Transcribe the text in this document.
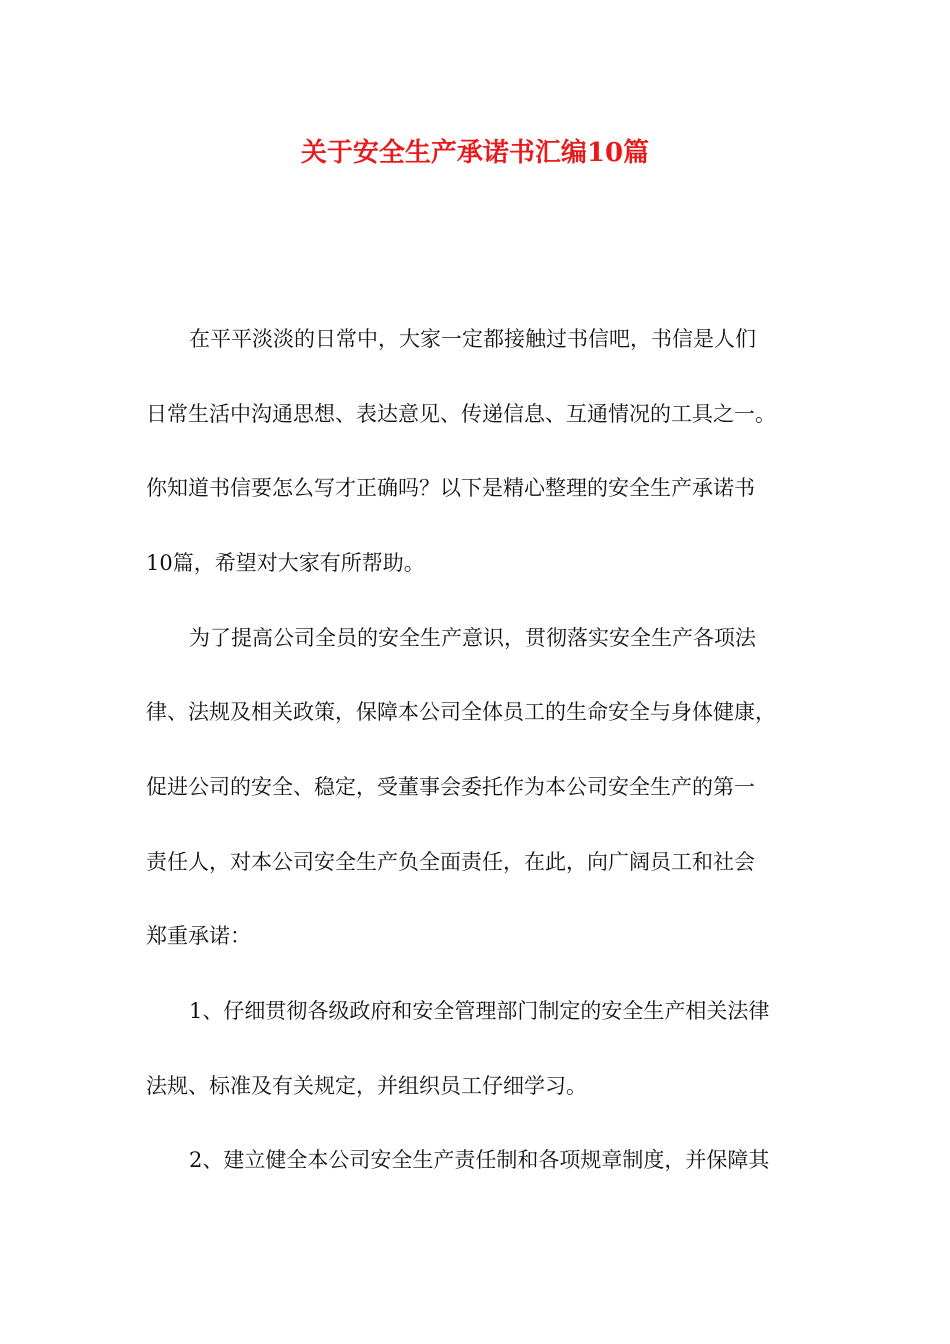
关于安全生产承诺书汇编10篇
在平平淡淡的日常中，大家一定都接触过书信吧，书信是人们
日常生活中沟通思想、表达意见、传递信息、互通情况的工具之一。
你知道书信要怎么写才正确吗？以下是精心整理的安全生产承诺书
10篇，希望对大家有所帮助。
为了提高公司全员的安全生产意识，贯彻落实安全生产各项法
律、法规及相关政策，保障本公司全体员工的生命安全与身体健康，
促进公司的安全、稳定，受董事会委托作为本公司安全生产的第一
责任人，对本公司安全生产负全面责任，在此，向广阔员工和社会
郑重承诺：
1、仔细贯彻各级政府和安全管理部门制定的安全生产相关法律
法规、标准及有关规定，并组织员工仔细学习。
2、建立健全本公司安全生产责任制和各项规章制度，并保障其
